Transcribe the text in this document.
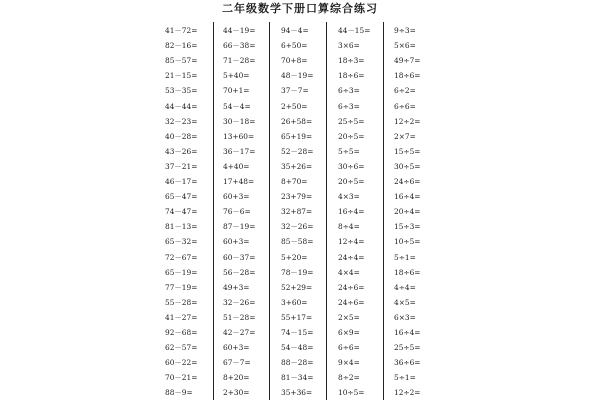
二年级数学下册口算综合练习
41－72=
82－16=
85－57=
21－15=
53－35=
44－44=
32－23=
40－28=
43－26=
37－21=
46－17=
65－47=
74－47=
81－13=
65－32=
72－67=
65－19=
77－19=
55－28=
41－27=
92－68=
62－57=
60－22=
70－21=
88－9=
44－19=
66－38=
71－28=
5+40=
70+1=
54－4=
30－18=
13+60=
36－17=
4+40=
17+48=
60+3=
76－6=
87－19=
60+3=
60－37=
56－28=
49+3=
32－26=
51－28=
42－27=
60+3=
67－7=
8+20=
2+30=
94－4=
6+50=
70+8=
48－19=
37－7=
2+50=
26+58=
65+19=
52－28=
35+26=
8+70=
23+79=
32+87=
32－26=
85－58=
5+20=
78－19=
52+29=
3+60=
55+17=
74－15=
54－48=
88－28=
81－34=
35+36=
44－15=
3×6=
18÷3=
18÷6=
6÷3=
6÷3=
25÷5=
20÷5=
5÷5=
30÷6=
20÷5=
4×3=
16÷4=
8÷4=
12÷4=
24÷4=
4×4=
24÷6=
24÷6=
2×5=
6×9=
6÷6=
9×4=
8÷2=
10÷5=
9÷3=
5×6=
49÷7=
18÷6=
6÷2=
6÷6=
12÷2=
2×7=
15÷5=
30÷5=
24÷6=
16÷4=
20÷4=
15÷3=
10÷5=
5÷1=
18÷6=
4÷4=
4×5=
6×3=
16÷4=
25÷5=
36÷6=
5÷1=
12÷2=
